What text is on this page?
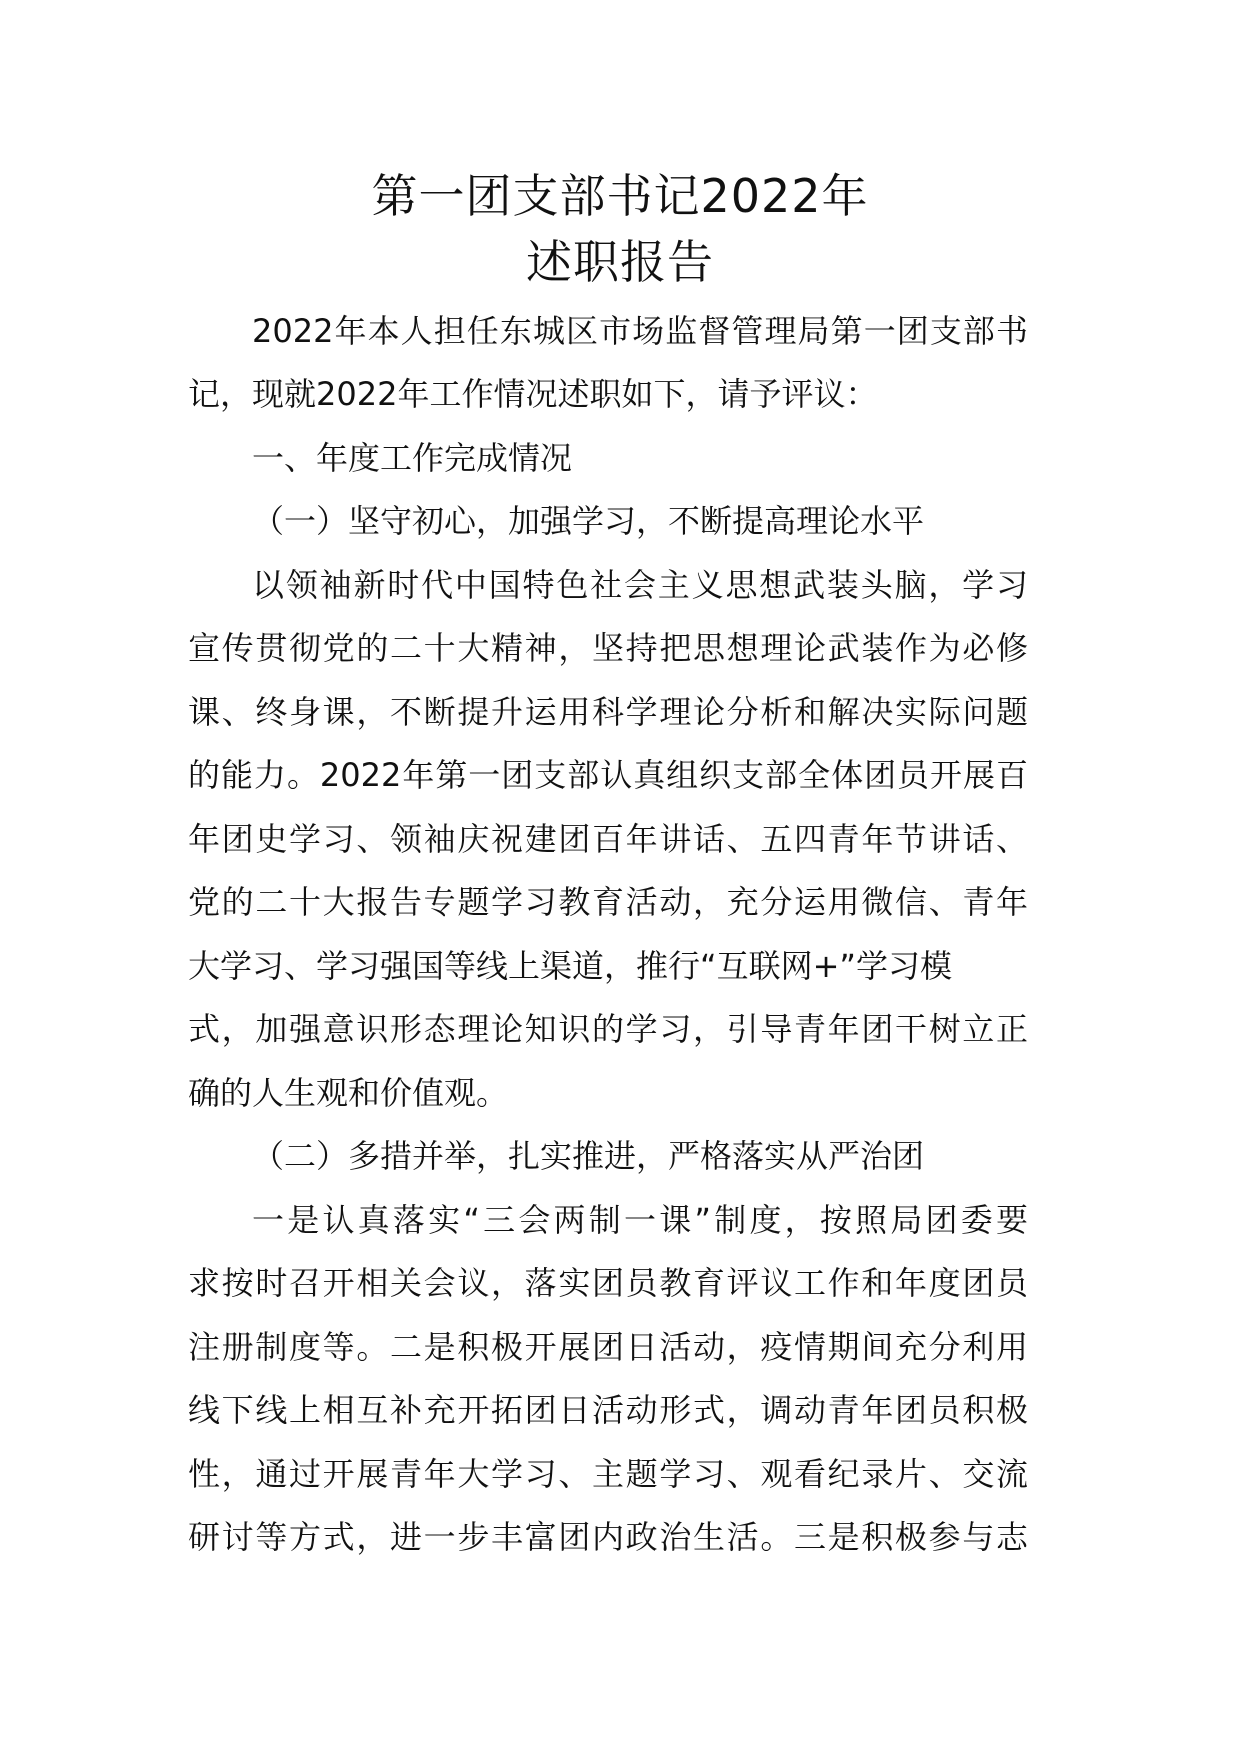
第一团支部书记2022年
述职报告
2022年本人担任东城区市场监督管理局第一团支部书
记，现就2022年工作情况述职如下，请予评议：
一、年度工作完成情况
（一）坚守初心，加强学习，不断提高理论水平
以领袖新时代中国特色社会主义思想武装头脑，学习
宣传贯彻党的二十大精神，坚持把思想理论武装作为必修
课、终身课，不断提升运用科学理论分析和解决实际问题
的能力。2022年第一团支部认真组织支部全体团员开展百
年团史学习、领袖庆祝建团百年讲话、五四青年节讲话、
党的二十大报告专题学习教育活动，充分运用微信、青年
大学习、学习强国等线上渠道，推行“互联网+”学习模
式，加强意识形态理论知识的学习，引导青年团干树立正
确的人生观和价值观。
（二）多措并举，扎实推进，严格落实从严治团
一是认真落实“三会两制一课”制度，按照局团委要
求按时召开相关会议，落实团员教育评议工作和年度团员
注册制度等。二是积极开展团日活动，疫情期间充分利用
线下线上相互补充开拓团日活动形式，调动青年团员积极
性，通过开展青年大学习、主题学习、观看纪录片、交流
研讨等方式，进一步丰富团内政治生活。三是积极参与志
